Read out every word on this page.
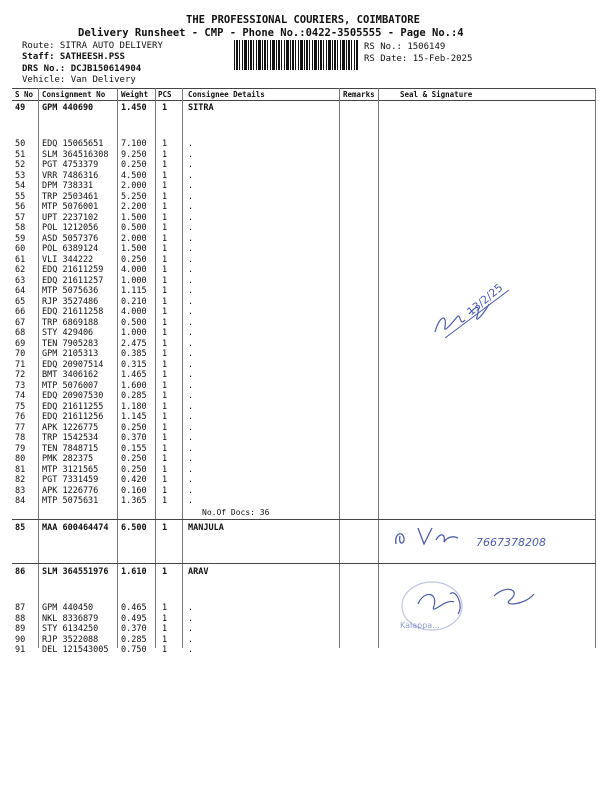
THE PROFESSIONAL COURIERS, COIMBATORE
Delivery Runsheet - CMP - Phone No.:0422-3505555 - Page No.:4
Route: SITRA AUTO DELIVERY
Staff: SATHEESH.PSS
DRS No.: DCJB150614904
Vehicle: Van Delivery
RS No.: 1506149
RS Date: 15-Feb-2025
S No Consignment No Weight PCS Consignee Details	Remarks	Seal & Signature
49 GPM 440690	1.450 1 SITRA
50 EDQ 15065651 7.100 1 .
51 SLM 364516308 9.250 1 .
52 PGT 4753379	0.250 1 .
53 VRR 7486316	4.500 1 .
54 DPM 738331	2.000 1 .
55 TRP 2503461	5.250 1 .
56 MTP 5076001	2.200 1 .
57 UPT 2237102	1.500 1 .
58 POL 1212056	0.500 1 .
59 ASD 5057376	2.000 1 .
60 POL 6389124	1.500 1 .
61 VLI 344222	0.250 1 .
62 EDQ 21611259 4.000 1 .
63 EDQ 21611257 1.000 1 .
64 MTP 5075636	1.115 1 .
65 RJP 3527486	0.210 1 .
66 EDQ 21611258 4.000 1 .
67 TRP 6869188	0.500 1 .
68 STY 429406	1.000 1 .
69 TEN 7905283	2.475 1 .
70 GPM 2105313	0.385 1 .
71 EDQ 20907514 0.315 1 .
72 BMT 3406162	1.465 1 .
73 MTP 5076007	1.600 1 .
74 EDQ 20907530 0.285 1 .
75 EDQ 21611255 1.180 1 .
76 EDQ 21611256 1.145 1 .
77 APK 1226775	0.250 1 .
78 TRP 1542534	0.370 1 .
79 TEN 7848715	0.155 1 .
80 PMK 282375	0.250 1 .
81 MTP 3121565	0.250 1 .
82 PGT 7331459	0.420 1 .
83 APK 1226776	0.160 1 .
84 MTP 5075631	1.365 1 .
No.Of Docs: 36
85 MAA 600464474 6.500 1 MANJULA
86 SLM 364551976 1.610 1 ARAV
87 GPM 440450	0.465 1 .
88 NKL 8336879	0.495 1 .
89 STY 6134250	0.370 1 .
90 RJP 3522088	0.285 1 .
91 DEL 121543005 0.750 1 .
13/2/25
7667378208
Kalappa...
